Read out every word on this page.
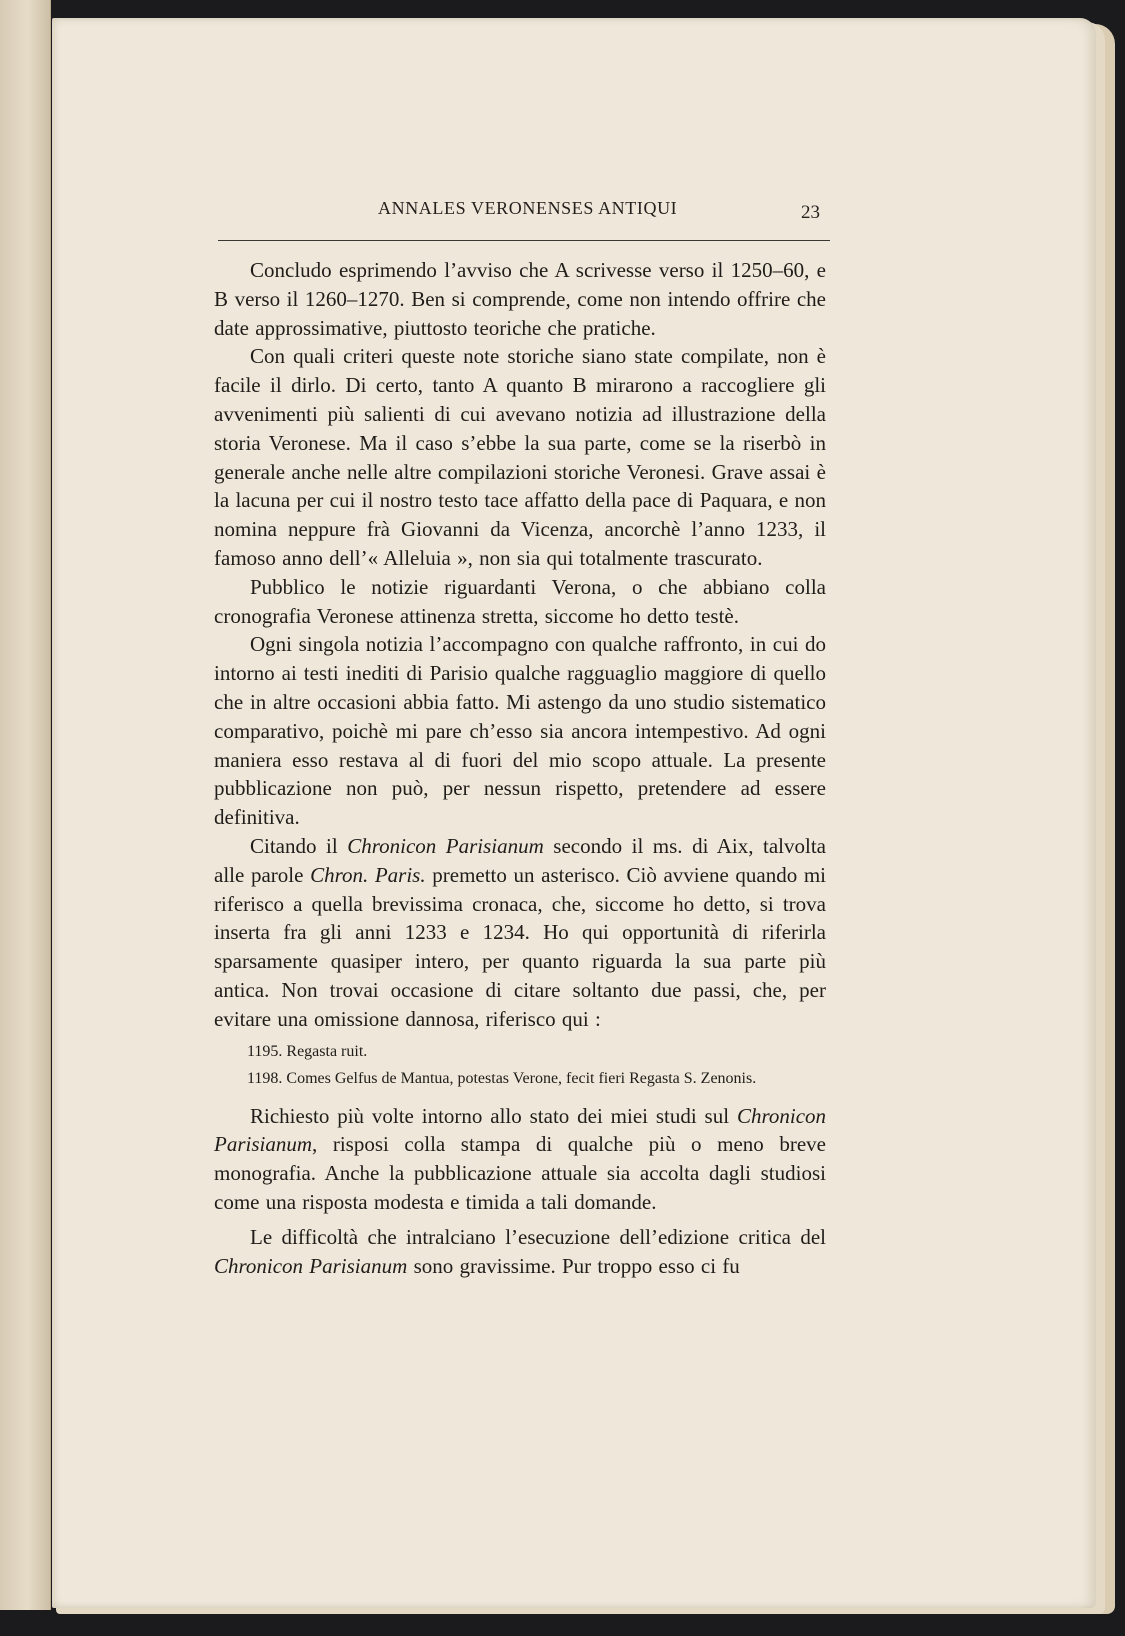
ANNALES VERONENSES ANTIQUI	23

Concludo esprimendo l’avviso che A scrivesse verso il 1250–60, e B verso il 1260–1270. Ben si comprende, come non intendo offrire che date approssimative, piuttosto teoriche che pratiche.

Con quali criteri queste note storiche siano state compilate, non è facile il dirlo. Di certo, tanto A quanto B mirarono a raccogliere gli avvenimenti più salienti di cui avevano notizia ad illustrazione della storia Veronese. Ma il caso s’ebbe la sua parte, come se la riserbò in generale anche nelle altre compilazioni storiche Veronesi. Grave assai è la lacuna per cui il nostro testo tace affatto della pace di Paquara, e non nomina neppure frà Giovanni da Vicenza, ancorchè l’anno 1233, il famoso anno dell’« Alleluia », non sia qui totalmente trascurato.

Pubblico le notizie riguardanti Verona, o che abbiano colla cronografia Veronese attinenza stretta, siccome ho detto testè.

Ogni singola notizia l’accompagno con qualche raffronto, in cui do intorno ai testi inediti di Parisio qualche ragguaglio maggiore di quello che in altre occasioni abbia fatto. Mi astengo da uno studio sistematico comparativo, poichè mi pare ch’esso sia ancora intempestivo. Ad ogni maniera esso restava al di fuori del mio scopo attuale. La presente pubblicazione non può, per nessun rispetto, pretendere ad essere definitiva.

Citando il Chronicon Parisianum secondo il ms. di Aix, talvolta alle parole Chron. Paris. premetto un asterisco. Ciò avviene quando mi riferisco a quella brevissima cronaca, che, siccome ho detto, si trova inserta fra gli anni 1233 e 1234. Ho qui opportunità di riferirla sparsamente quasiper intero, per quanto riguarda la sua parte più antica. Non trovai occasione di citare soltanto due passi, che, per evitare una omissione dannosa, riferisco qui :

1195. Regasta ruit.

1198. Comes Gelfus de Mantua, potestas Verone, fecit fieri Regasta S. Zenonis.

Richiesto più volte intorno allo stato dei miei studi sul Chronicon Parisianum, risposi colla stampa di qualche più o meno breve monografia. Anche la pubblicazione attuale sia accolta dagli studiosi come una risposta modesta e timida a tali domande.

Le difficoltà che intralciano l’esecuzione dell’edizione critica del Chronicon Parisianum sono gravissime. Pur troppo esso ci fu
